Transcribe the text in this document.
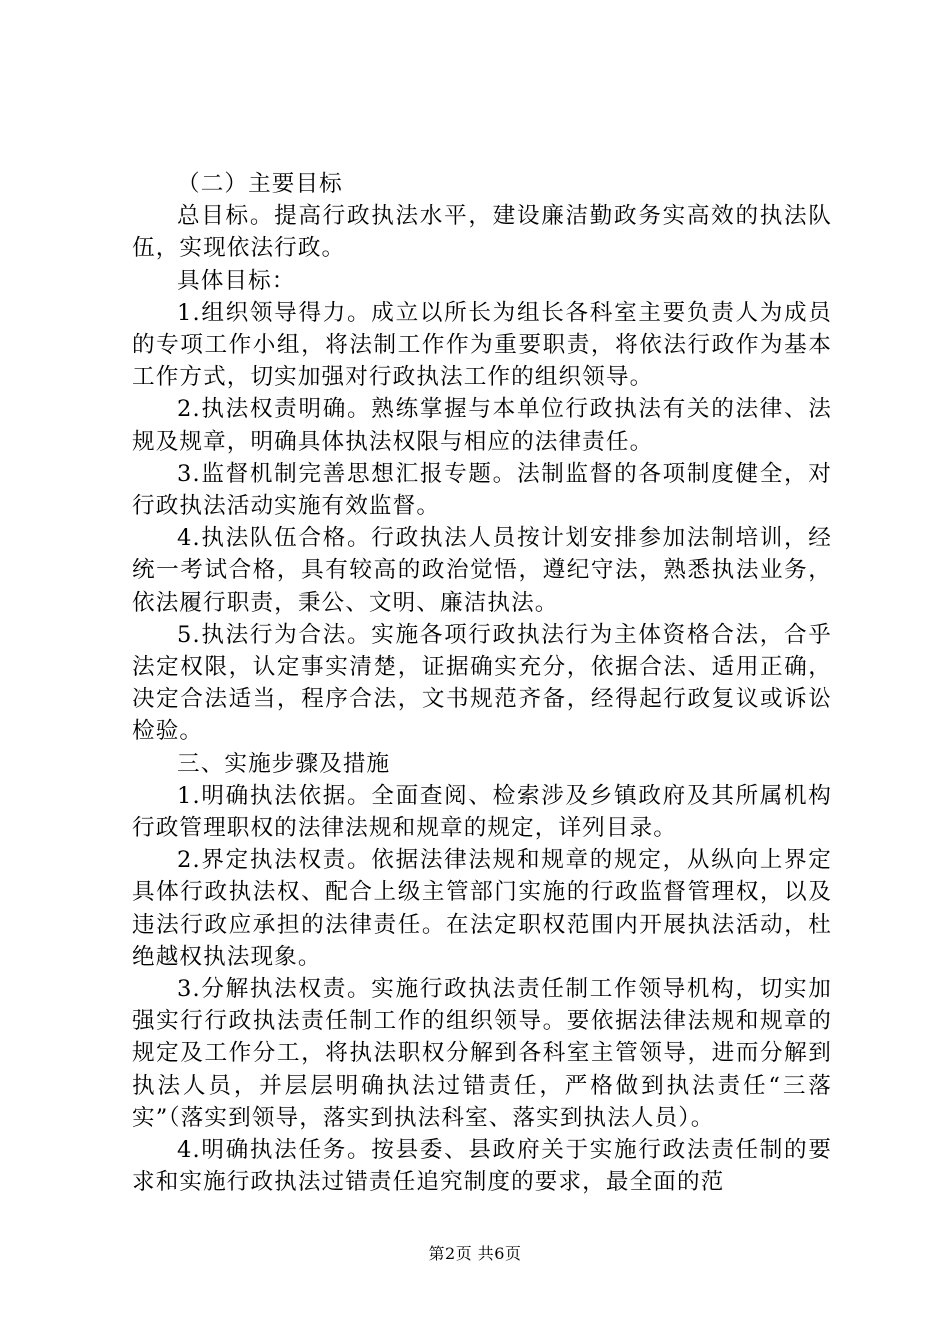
（二）主要目标

总目标。提高行政执法水平，建设廉洁勤政务实高效的执法队伍，实现依法行政。

具体目标：

1.组织领导得力。成立以所长为组长各科室主要负责人为成员的专项工作小组，将法制工作作为重要职责，将依法行政作为基本工作方式，切实加强对行政执法工作的组织领导。

2.执法权责明确。熟练掌握与本单位行政执法有关的法律、法规及规章，明确具体执法权限与相应的法律责任。

3.监督机制完善思想汇报专题。法制监督的各项制度健全，对行政执法活动实施有效监督。

4.执法队伍合格。行政执法人员按计划安排参加法制培训，经统一考试合格，具有较高的政治觉悟，遵纪守法，熟悉执法业务，依法履行职责，秉公、文明、廉洁执法。

5.执法行为合法。实施各项行政执法行为主体资格合法，合乎法定权限，认定事实清楚，证据确实充分，依据合法、适用正确，决定合法适当，程序合法，文书规范齐备，经得起行政复议或诉讼检验。

三、实施步骤及措施

1.明确执法依据。全面查阅、检索涉及乡镇政府及其所属机构行政管理职权的法律法规和规章的规定，详列目录。

2.界定执法权责。依据法律法规和规章的规定，从纵向上界定具体行政执法权、配合上级主管部门实施的行政监督管理权，以及违法行政应承担的法律责任。在法定职权范围内开展执法活动，杜绝越权执法现象。

3.分解执法权责。实施行政执法责任制工作领导机构，切实加强实行行政执法责任制工作的组织领导。要依据法律法规和规章的规定及工作分工，将执法职权分解到各科室主管领导，进而分解到执法人员，并层层明确执法过错责任，严格做到执法责任“三落实”（落实到领导，落实到执法科室、落实到执法人员）。

4.明确执法任务。按县委、县政府关于实施行政法责任制的要求和实施行政执法过错责任追究制度的要求，最全面的范

第2页 共6页
